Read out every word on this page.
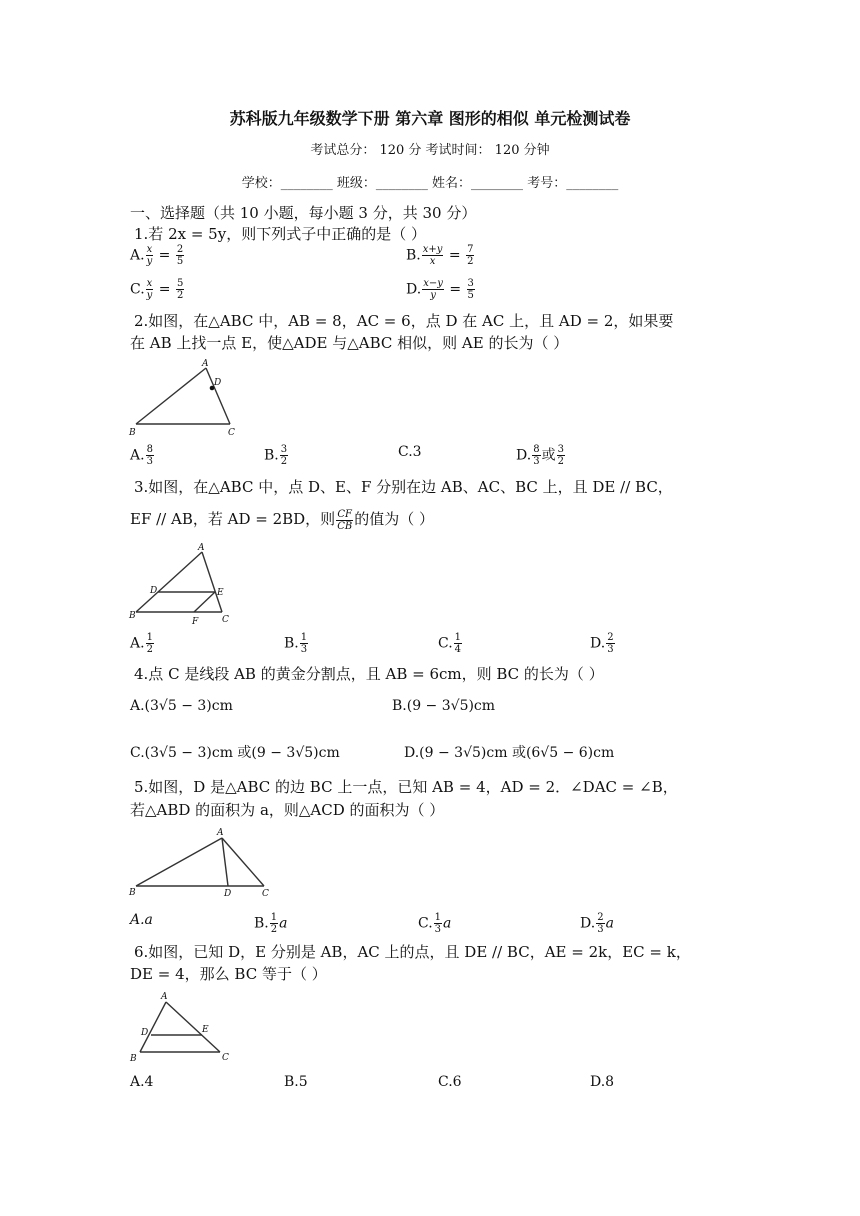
苏科版九年级数学下册 第六章 图形的相似 单元检测试卷
考试总分： 120 分 考试时间： 120 分钟
学校：________ 班级：________ 姓名：________ 考号：________
一、选择题（共 10 小题，每小题 3 分，共 30 分）
1.若 2x = 5y，则下列式子中正确的是（ ）
A. $\frac{x}{y} = \frac{2}{5}$	B. $\frac{x+y}{x} = \frac{7}{2}$
C. $\frac{x}{y} = \frac{5}{2}$	D. $\frac{x-y}{y} = \frac{3}{5}$
2.如图，在△ABC 中，AB = 8，AC = 6，点 D 在 AC 上，且 AD = 2，如果要
在 AB 上找一点 E，使△ADE 与△ABC 相似，则 AE 的长为（ ）
A
D
B	C
A. $\frac{8}{3}$	B. $\frac{3}{2}$	C.3	D. $\frac{8}{3}$ 或 $\frac{3}{2}$
3.如图，在△ABC 中，点 D、E、F 分别在边 AB、AC、BC 上，且 DE // BC，
EF // AB，若 AD = 2BD，则 $\frac{CF}{CB}$ 的值为（ ）
A
D	E
B
F	C
A. $\frac{1}{2}$	B. $\frac{1}{3}$	C. $\frac{1}{4}$	D. $\frac{2}{3}$
4.点 C 是线段 AB 的黄金分割点，且 AB = 6cm，则 BC 的长为（ ）
A.(3√5 − 3)cm	B.(9 − 3√5)cm
C.(3√5 − 3)cm 或(9 − 3√5)cm	D.(9 − 3√5)cm 或(6√5 − 6)cm
5.如图，D 是△ABC 的边 BC 上一点，已知 AB = 4，AD = 2．∠DAC = ∠B，
若△ABD 的面积为 a，则△ACD 的面积为（ ）
A
B	D	C
A.a	B. $\frac{1}{2}$ a	C. $\frac{1}{3}$ a	D. $\frac{2}{3}$ a
6.如图，已知 D，E 分别是 AB，AC 上的点，且 DE // BC，AE = 2k，EC = k，
DE = 4，那么 BC 等于（ ）
A
D	E
B	C
A.4	B.5	C.6	D.8
